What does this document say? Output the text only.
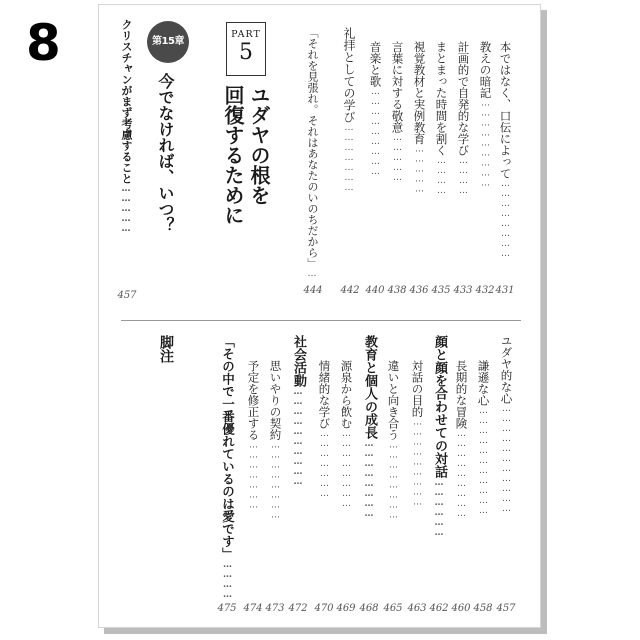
8	本ではなく、口伝によって……………………
431
教えの暗記………………………
432
計画的で自発的な学び…………
433
まとまった時間を割く…………
435
視覚教材と実例教育……………
436
言葉に対する敬意……………
438
音楽と歌………………………
440
礼拝としての学び…………………
442
「それを見張れ。それはあなたのいのちだから」…
444
PART
5
ユダヤの根を
回復するために
第15章
今でなければ、いつ？
クリスチャンがまず考慮すること……………
457
ユダヤ的な心……………………………
457
謙遜な心……………………………
458
長期的な冒険………………………
460
顔と顔を合わせての対話………………
462
対話の目的………………………
463
違いと向き合う……………………
465
教育と個人の成長……………………
468
源泉から飲む……………………
469
情緒的な学び…………………
470
社会活動…………………………
472
思いやりの契約……………………
473
予定を修正する…………………
474
「その中で一番優れているのは愛です」…………
475
脚注
